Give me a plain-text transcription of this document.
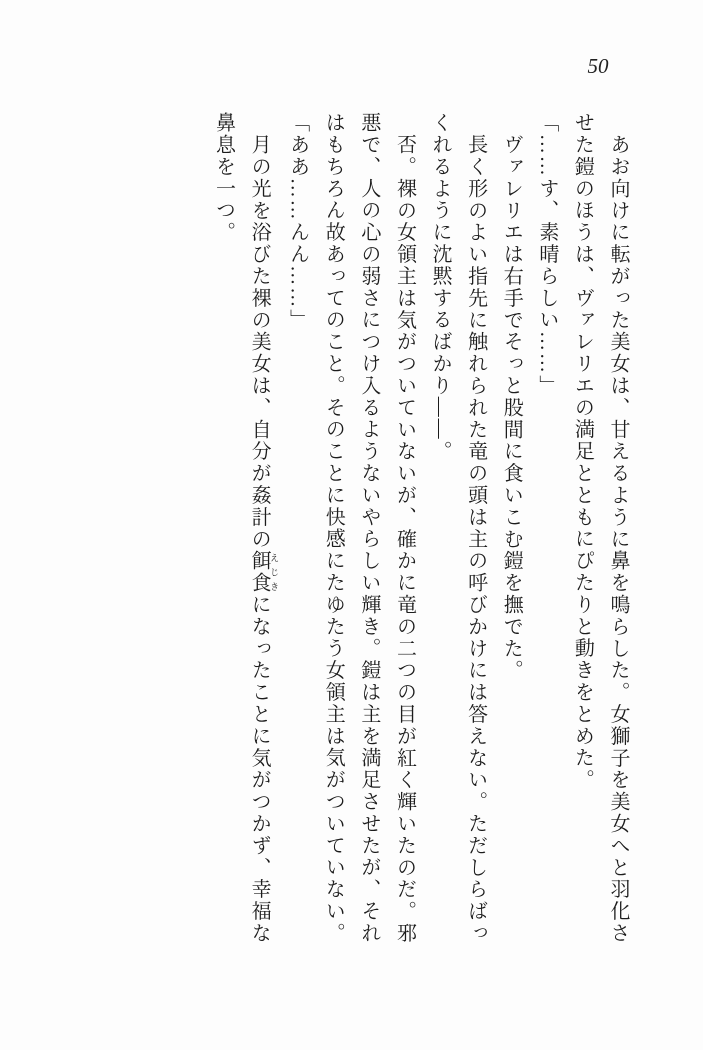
50

あお向けに転がった美女は、甘えるように鼻を鳴らした。女獅子を美女へと羽化させた鎧のほうは、ヴァレリエの満足とともにぴたりと動きをとめた。

「……す、素晴らしい……」

ヴァレリエは右手でそっと股間に食いこむ鎧を撫でた。

長く形のよい指先に触れられた竜の頭は主の呼びかけには答えない。ただしらばっくれるように沈黙するばかり――。

否。裸の女領主は気がついていないが、確かに竜の二つの目が紅く輝いたのだ。邪悪で、人の心の弱さにつけ入るようないやらしい輝き。鎧は主を満足させたが、それはもちろん故あってのこと。そのことに快感にたゆたう女領主は気がついていない。

「ああ……んん……」

月の光を浴びた裸の美女は、自分が姦計の餌食 えじきになったことに気がつかず、幸福な鼻息を一つ。
